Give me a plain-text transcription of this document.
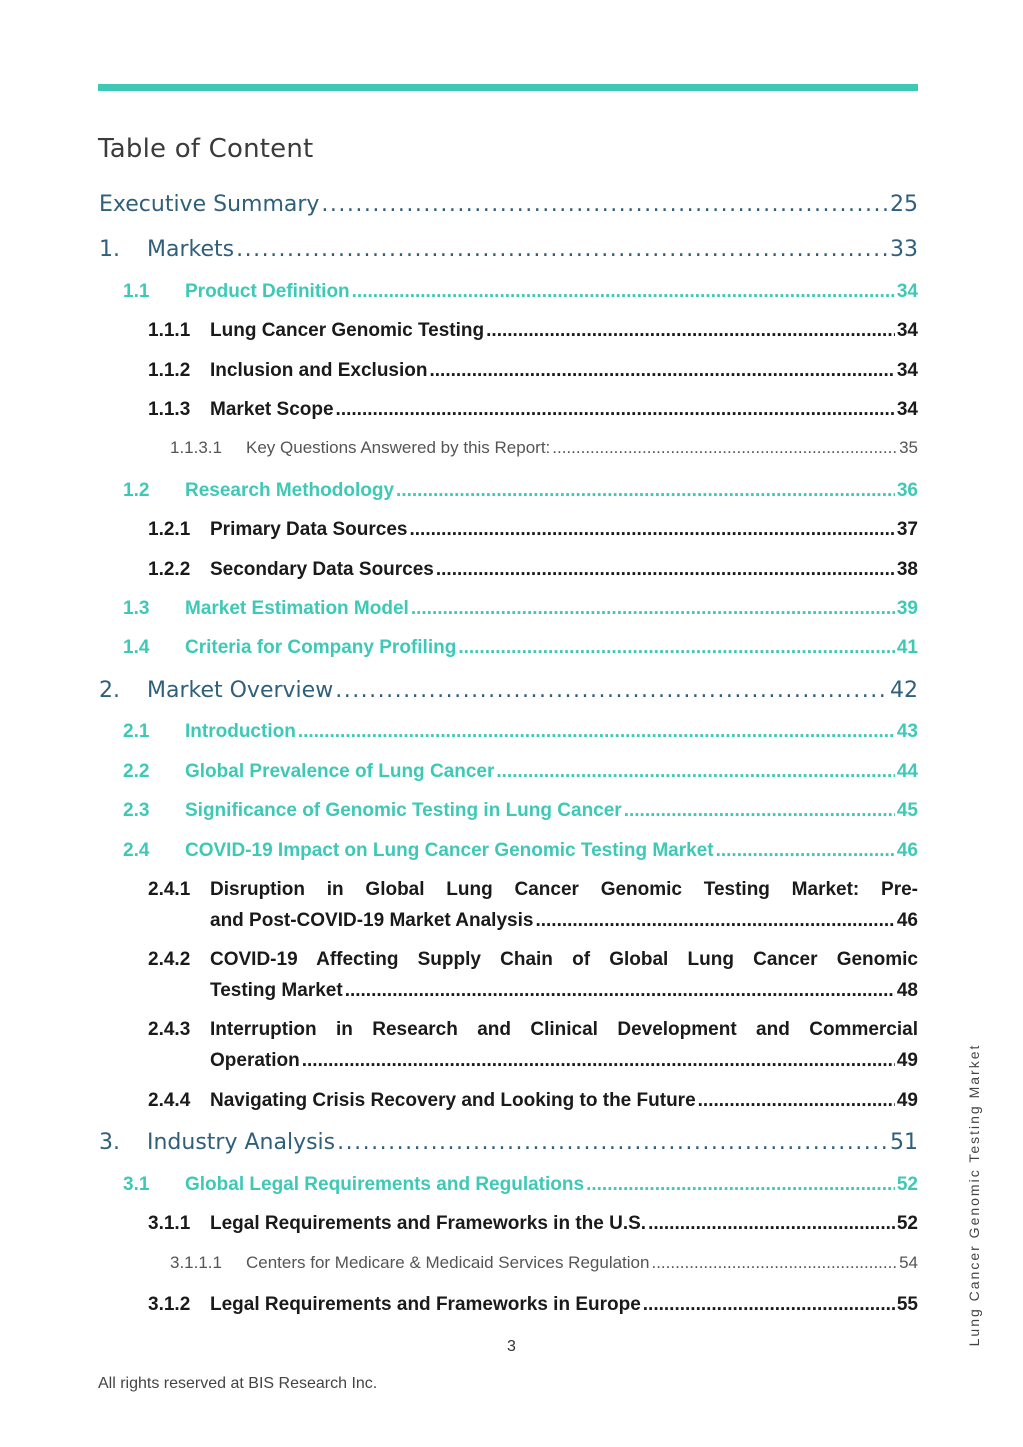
Table of Content
Executive Summary .....	25
1.	Markets .....	33
1.1	Product Definition .....	34
1.1.1	Lung Cancer Genomic Testing .....	34
1.1.2	Inclusion and Exclusion .....	34
1.1.3	Market Scope .....	34
1.1.3.1	Key Questions Answered by this Report: .....	35
1.2	Research Methodology .....	36
1.2.1	Primary Data Sources .....	37
1.2.2	Secondary Data Sources .....	38
1.3	Market Estimation Model .....	39
1.4	Criteria for Company Profiling .....	41
2.	Market Overview .....	42
2.1	Introduction .....	43
2.2	Global Prevalence of Lung Cancer .....	44
2.3	Significance of Genomic Testing in Lung Cancer .....	45
2.4	COVID-19 Impact on Lung Cancer Genomic Testing Market .....	46
2.4.1	Disruption in Global Lung Cancer Genomic Testing Market: Pre-
and Post-COVID-19 Market Analysis .....	46
2.4.2	COVID-19 Affecting Supply Chain of Global Lung Cancer Genomic
Testing Market .....	48
2.4.3	Interruption in Research and Clinical Development and Commercial
Operation .....	49
2.4.4	Navigating Crisis Recovery and Looking to the Future .....	49
3.	Industry Analysis .....	51
3.1	Global Legal Requirements and Regulations .....	52
3.1.1	Legal Requirements and Frameworks in the U.S. .....	52
3.1.1.1	Centers for Medicare & Medicaid Services Regulation .....	54
3.1.2	Legal Requirements and Frameworks in Europe .....	55
3
All rights reserved at BIS Research Inc.
Lung Cancer Genomic Testing Market
